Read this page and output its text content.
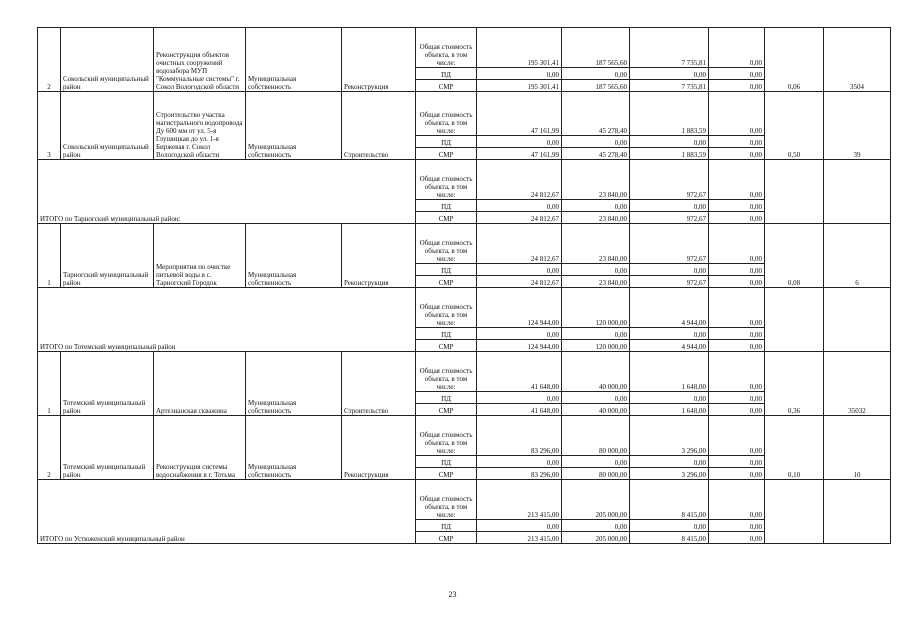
2	Сокольский муниципальный район	Реконструкция объектов очистных сооружений водозабора МУП "Коммунальные системы" г. Сокол Вологодской области	Муниципальная собственность	Реконструкция	Общая стоимость объекта, в том числе:	195 301,41	187 565,60	7 735,81	0,00	0,06	3504
					ПД	0,00	0,00	0,00	0,00		
					СМР	195 301,41	187 565,60	7 735,81	0,00		
3	Сокольский муниципальный район	Строительство участка магистрального водопровода Ду 600 мм от ул. 5-я Глушицкая до ул. 1-я Биржевая г. Сокол Вологодской области	Муниципальная собственность	Строительство	Общая стоимость объекта, в том числе:	47 161,99	45 278,40	1 883,59	0,00	0,50	39
					ПД	0,00	0,00	0,00	0,00		
					СМР	47 161,99	45 278,40	1 883,59	0,00		
ИТОГО по Тарногский муниципальный район:					Общая стоимость объекта, в том числе:	24 812,67	23 840,00	972,67	0,00		
					ПД	0,00	0,00	0,00	0,00		
					СМР	24 812,67	23 840,00	972,67	0,00		
1	Тарногский муниципальный район	Мероприятия по очистке питьевой воды в с. Тарногский Городок	Муниципальная собственность	Реконструкция	Общая стоимость объекта, в том числе:	24 812,67	23 840,00	972,67	0,00	0,08	6
					ПД	0,00	0,00	0,00	0,00		
					СМР	24 812,67	23 840,00	972,67	0,00		
ИТОГО по Тотемский муниципальный район					Общая стоимость объекта, в том числе:	124 944,00	120 000,00	4 944,00	0,00		
					ПД	0,00	0,00	0,00	0,00		
					СМР	124 944,00	120 000,00	4 944,00	0,00		
1	Тотемский муниципальный район	Артезианская скважина	Муниципальная собственность	Строительство	Общая стоимость объекта, в том числе:	41 648,00	40 000,00	1 648,00	0,00	0,36	35032
					ПД	0,00	0,00	0,00	0,00		
					СМР	41 648,00	40 000,00	1 648,00	0,00		
2	Тотемский муниципальный район	Реконструкция системы водоснабжения в г. Тотьма	Муниципальная собственность	Реконструкция	Общая стоимость объекта, в том числе:	83 296,00	80 000,00	3 296,00	0,00	0,10	10
					ПД	0,00	0,00	0,00	0,00		
					СМР	83 296,00	80 000,00	3 296,00	0,00		
ИТОГО по Устюженский муниципальный район					Общая стоимость объекта, в том числе:	213 415,00	205 000,00	8 415,00	0,00		
					ПД	0,00	0,00	0,00	0,00		
					СМР	213 415,00	205 000,00	8 415,00	0,00		
23
